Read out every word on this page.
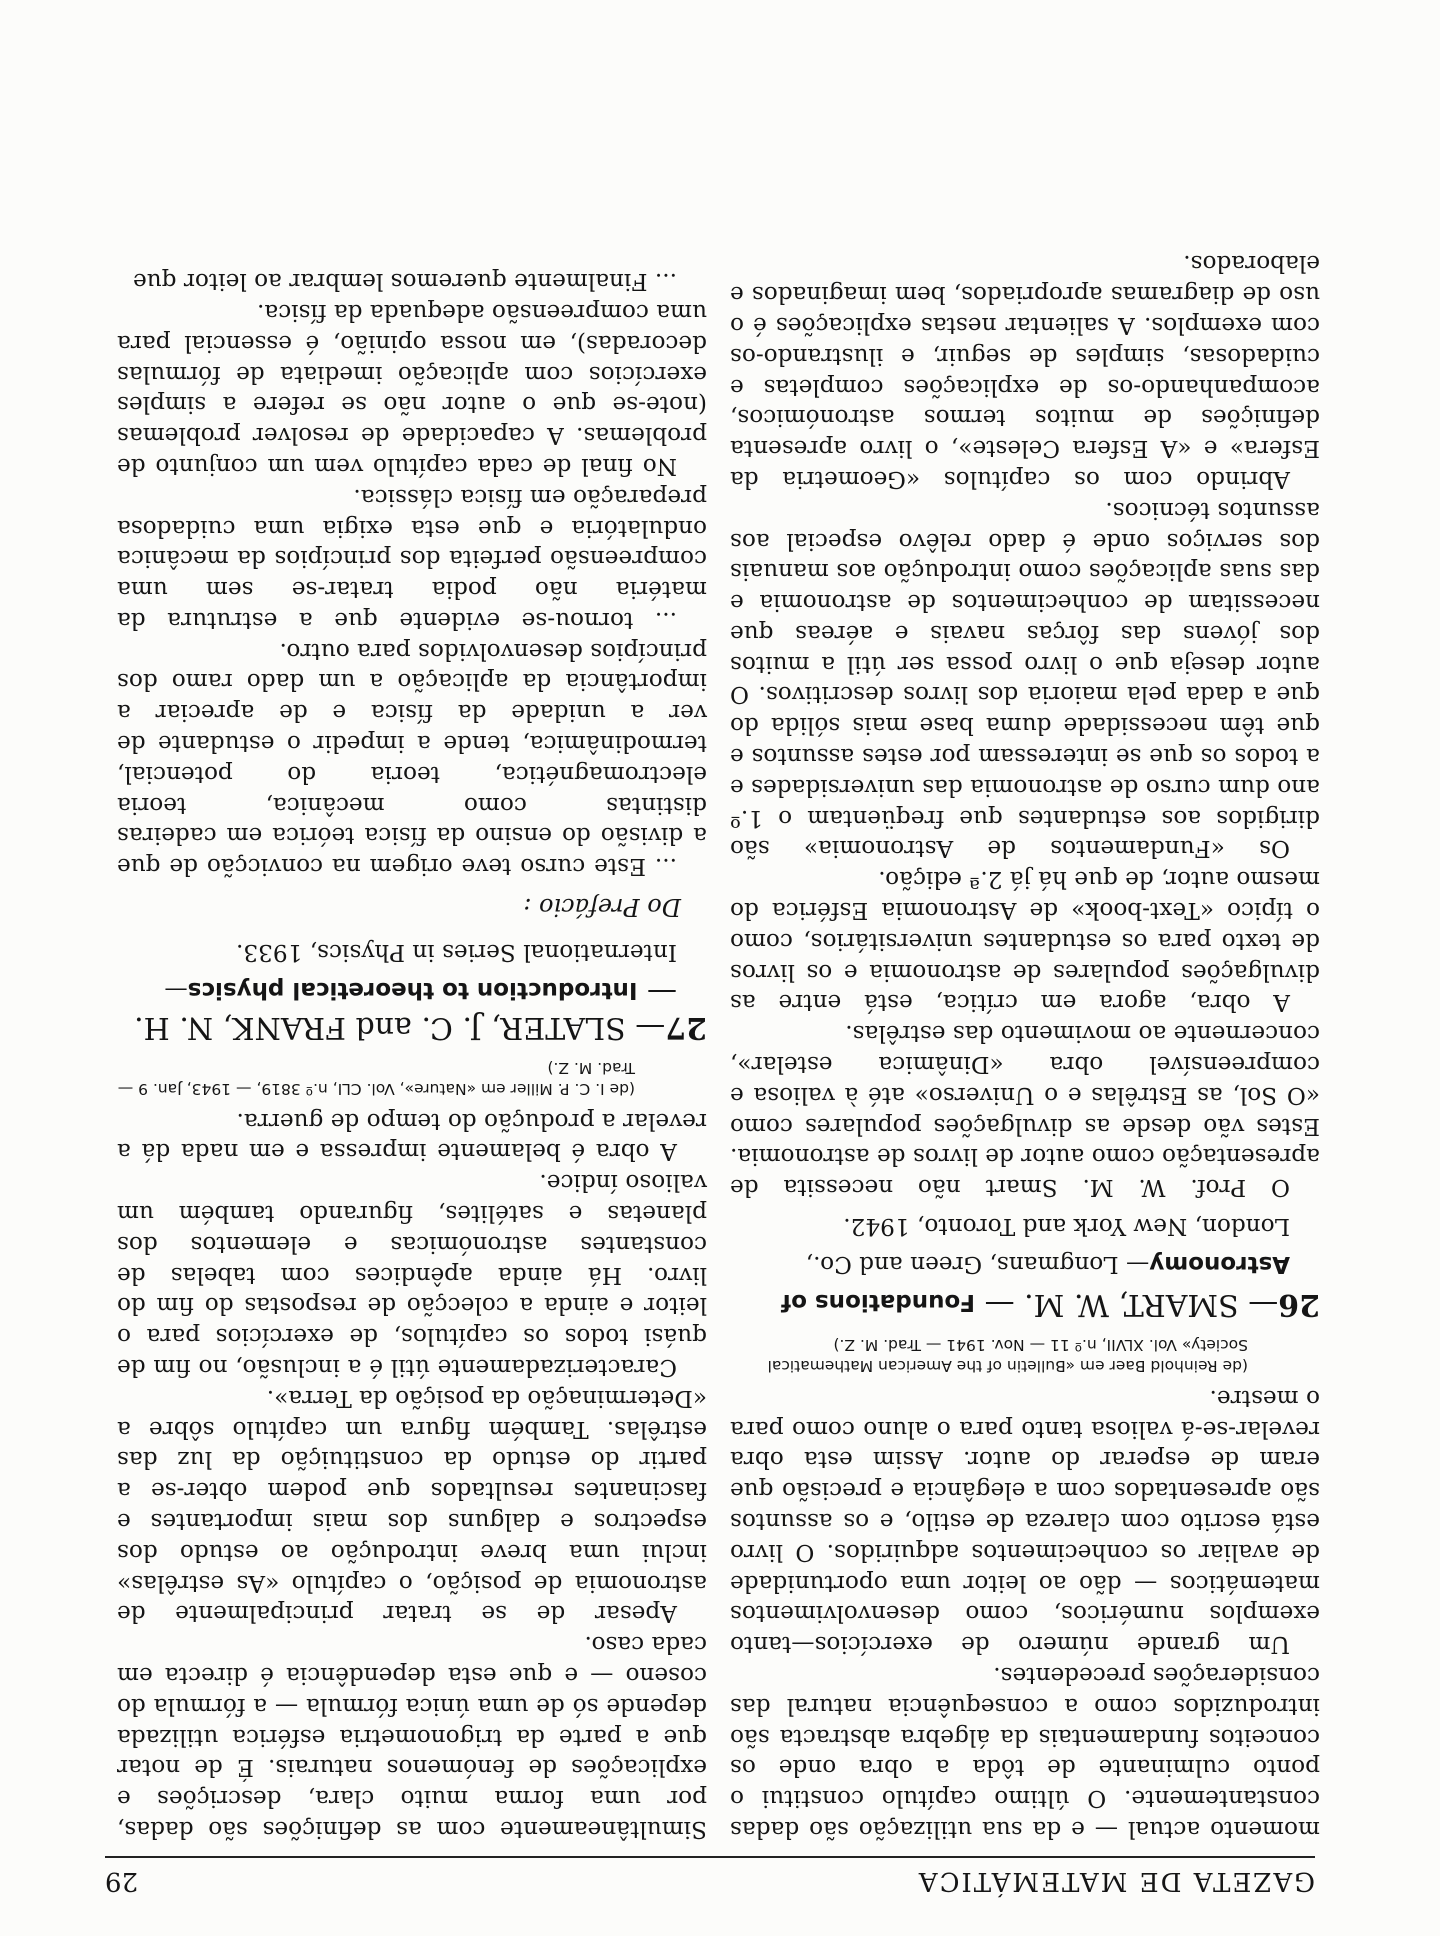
GAZETA DE MATEMÁTICA
29

momento actual — e da sua utilização são dadas constantemente. O último capítulo constitui o ponto culminante de tôda a obra onde os conceitos fundamentais da álgebra abstracta são introduzidos como a consequência natural das considerações precedentes.

Um grande número de exercícios—tanto exemplos numéricos, como desenvolvimentos matemáticos — dão ao leitor uma oportunidade de avaliar os conhecimentos adquiridos. O livro está escrito com clareza de estilo, e os assuntos são apresentados com a elegância e precisão que eram de esperar do autor. Assim esta obra revelar-se-á valiosa tanto para o aluno como para o mestre.

(de Reinhold Baer em «Bulletin of the American Mathematical Society» Vol. XLVII, n.º 11 — Nov. 1941 — Trad. M. Z.)

26— SMART, W. M. — Foundations of Astronomy— Longmans, Green and Co., London, New York and Toronto, 1942.

O Prof. W. M. Smart não necessita de apresentação como autor de livros de astronomia. Estes vão desde as divulgações populares como «O Sol, as Estrêlas e o Universo» até à valiosa e compreensível obra «Dinâmica estelar», concernente ao movimento das estrêlas.

A obra, agora em crítica, está entre as divulgações populares de astronomia e os livros de texto para os estudantes universitários, como o típico «Text-book» de Astronomia Esférica do mesmo autor, de que há já 2.ª edição.

Os «Fundamentos de Astronomia» são dirigidos aos estudantes que freqüentam o 1.º ano dum curso de astronomia das universidades e a todos os que se interessam por estes assuntos e que têm necessidade duma base mais sólida do que a dada pela maioria dos livros descritivos. O autor deseja que o livro possa ser útil a muitos dos jóvens das fôrças navais e aéreas que necessitam de conhecimentos de astronomia e das suas aplicações como introdução aos manuais dos serviços onde é dado relêvo especial aos assuntos técnicos.

Abrindo com os capítulos «Geometria da Esfera» e «A Esfera Celeste», o livro apresenta definições de muitos termos astronómicos, acompanhando-os de explicações completas e cuidadosas, simples de seguir, e ilustrando-os com exemplos. A salientar nestas explicações é o uso de diagramas apropriados, bem imaginados e elaborados.

Simultâneamente com as definições são dadas, por uma forma muito clara, descrições e explicações de fenómenos naturais. É de notar que a parte da trigonometria esférica utilizada depende só de uma única fórmula — a fórmula do coseno — e que esta dependência é directa em cada caso.

Apesar de se tratar principalmente de astronomia de posição, o capítulo «As estrêlas» inclui uma breve introdução ao estudo dos espectros e dalguns dos mais importantes e fascinantes resultados que podem obter-se a partir do estudo da constituição da luz das estrêlas. Também figura um capítulo sôbre a «Determinação da posição da Terra».

Caracterizadamente útil é a inclusão, no fim de quási todos os capítulos, de exercícios para o leitor e ainda a colecção de respostas do fim do livro. Há ainda apêndices com tabelas de constantes astronómicas e elementos dos planetas e satélites, figurando também um valioso índice.

A obra é belamente impressa e em nada dá a revelar a produção do tempo de guerra.

(de I. C. P. Miller em «Nature», Vol. CLI, n.º 3819, — 1943, Jan. 9 — Trad. M. Z.)

27— SLATER, J. C. and FRANK, N. H. — Introduction to theoretical physics— International Series in Physics, 1933.

Do Prefácio :

... Este curso teve origem na convicção de que a divisão do ensino da física teórica em cadeiras distintas como mecânica, teoria electromagnética, teoria do potencial, termodinâmica, tende a impedir o estudante de ver a unidade da física e de apreciar a importância da aplicação a um dado ramo dos princípios desenvolvidos para outro.

... tornou-se evidente que a estrutura da matéria não podia tratar-se sem uma compreensão perfeita dos princípios da mecânica ondulatória e que esta exigia uma cuidadosa preparação em física clássica.

No final de cada capítulo vem um conjunto de problemas. A capacidade de resolver problemas (note-se que o autor não se refere a simples exercícios com aplicação imediata de fórmulas decoradas), em nossa opinião, é essencial para uma compreensão adequada da física.

... Finalmente queremos lembrar ao leitor que
